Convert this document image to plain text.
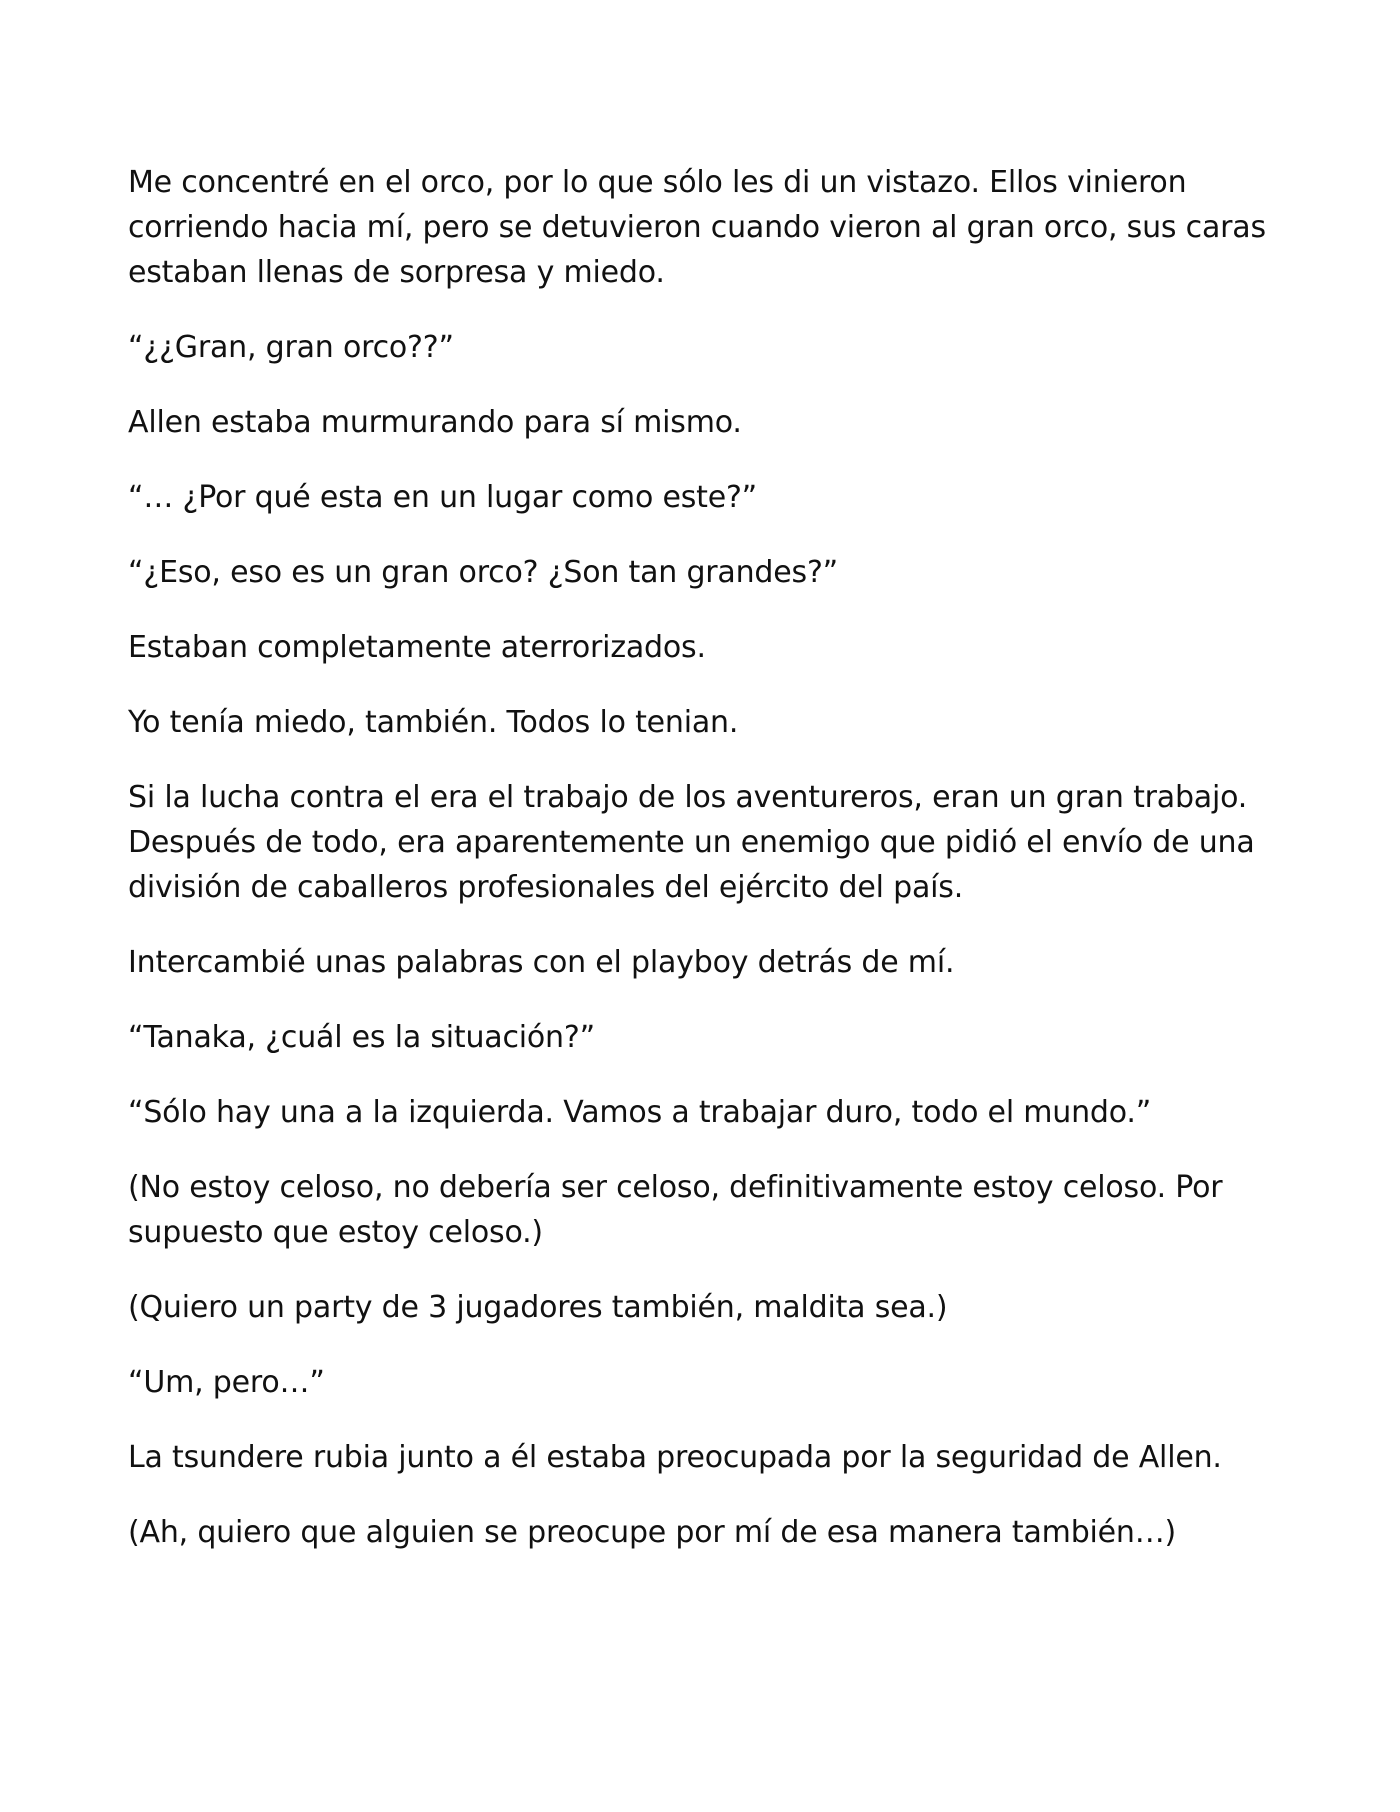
Me concentré en el orco, por lo que sólo les di un vistazo. Ellos vinieron corriendo hacia mí, pero se detuvieron cuando vieron al gran orco, sus caras estaban llenas de sorpresa y miedo.

“¿¿Gran, gran orco??”

Allen estaba murmurando para sí mismo.

“… ¿Por qué esta en un lugar como este?”

“¿Eso, eso es un gran orco? ¿Son tan grandes?”

Estaban completamente aterrorizados.

Yo tenía miedo, también. Todos lo tenian.

Si la lucha contra el era el trabajo de los aventureros, eran un gran trabajo. Después de todo, era aparentemente un enemigo que pidió el envío de una división de caballeros profesionales del ejército del país.

Intercambié unas palabras con el playboy detrás de mí.

“Tanaka, ¿cuál es la situación?”

“Sólo hay una a la izquierda. Vamos a trabajar duro, todo el mundo.”

(No estoy celoso, no debería ser celoso, definitivamente estoy celoso. Por supuesto que estoy celoso.)

(Quiero un party de 3 jugadores también, maldita sea.)

“Um, pero…”

La tsundere rubia junto a él estaba preocupada por la seguridad de Allen.

(Ah, quiero que alguien se preocupe por mí de esa manera también…)
